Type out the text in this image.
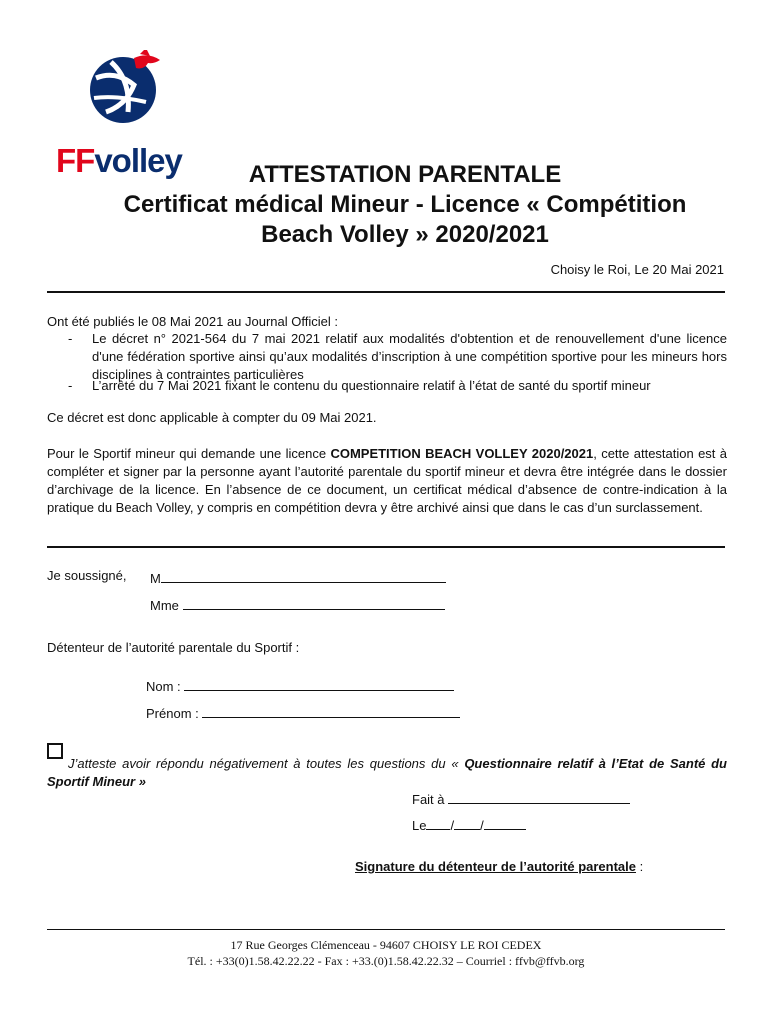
FFvolley	ATTESTATION PARENTALE
Certificat médical Mineur - Licence « Compétition
Beach Volley » 2020/2021
Choisy le Roi, Le 20 Mai 2021
Ont été publiés le 08 Mai 2021 au Journal Officiel :
- Le décret n° 2021-564 du 7 mai 2021 relatif aux modalités d'obtention et de renouvellement d'une licence d'une fédération sportive ainsi qu’aux modalités d’inscription à une compétition sportive pour les mineurs hors disciplines à contraintes particulières
- L’arrêté du 7 Mai 2021 fixant le contenu du questionnaire relatif à l’état de santé du sportif mineur
Ce décret est donc applicable à compter du 09 Mai 2021.
Pour le Sportif mineur qui demande une licence COMPETITION BEACH VOLLEY 2020/2021, cette attestation est à compléter et signer par la personne ayant l’autorité parentale du sportif mineur et devra être intégrée dans le dossier d’archivage de la licence. En l’absence de ce document, un certificat médical d’absence de contre-indication à la pratique du Beach Volley, y compris en compétition devra y être archivé ainsi que dans le cas d’un surclassement.
Je soussigné, M
Mme
Détenteur de l’autorité parentale du Sportif :
Nom :
Prénom :
J’atteste avoir répondu négativement à toutes les questions du « Questionnaire relatif à l’Etat de Santé du Sportif Mineur »
Fait à
Le / /
Signature du détenteur de l’autorité parentale :
17 Rue Georges Clémenceau - 94607 CHOISY LE ROI CEDEX
Tél. : +33(0)1.58.42.22.22 - Fax : +33.(0)1.58.42.22.32 – Courriel : ffvb@ffvb.org
